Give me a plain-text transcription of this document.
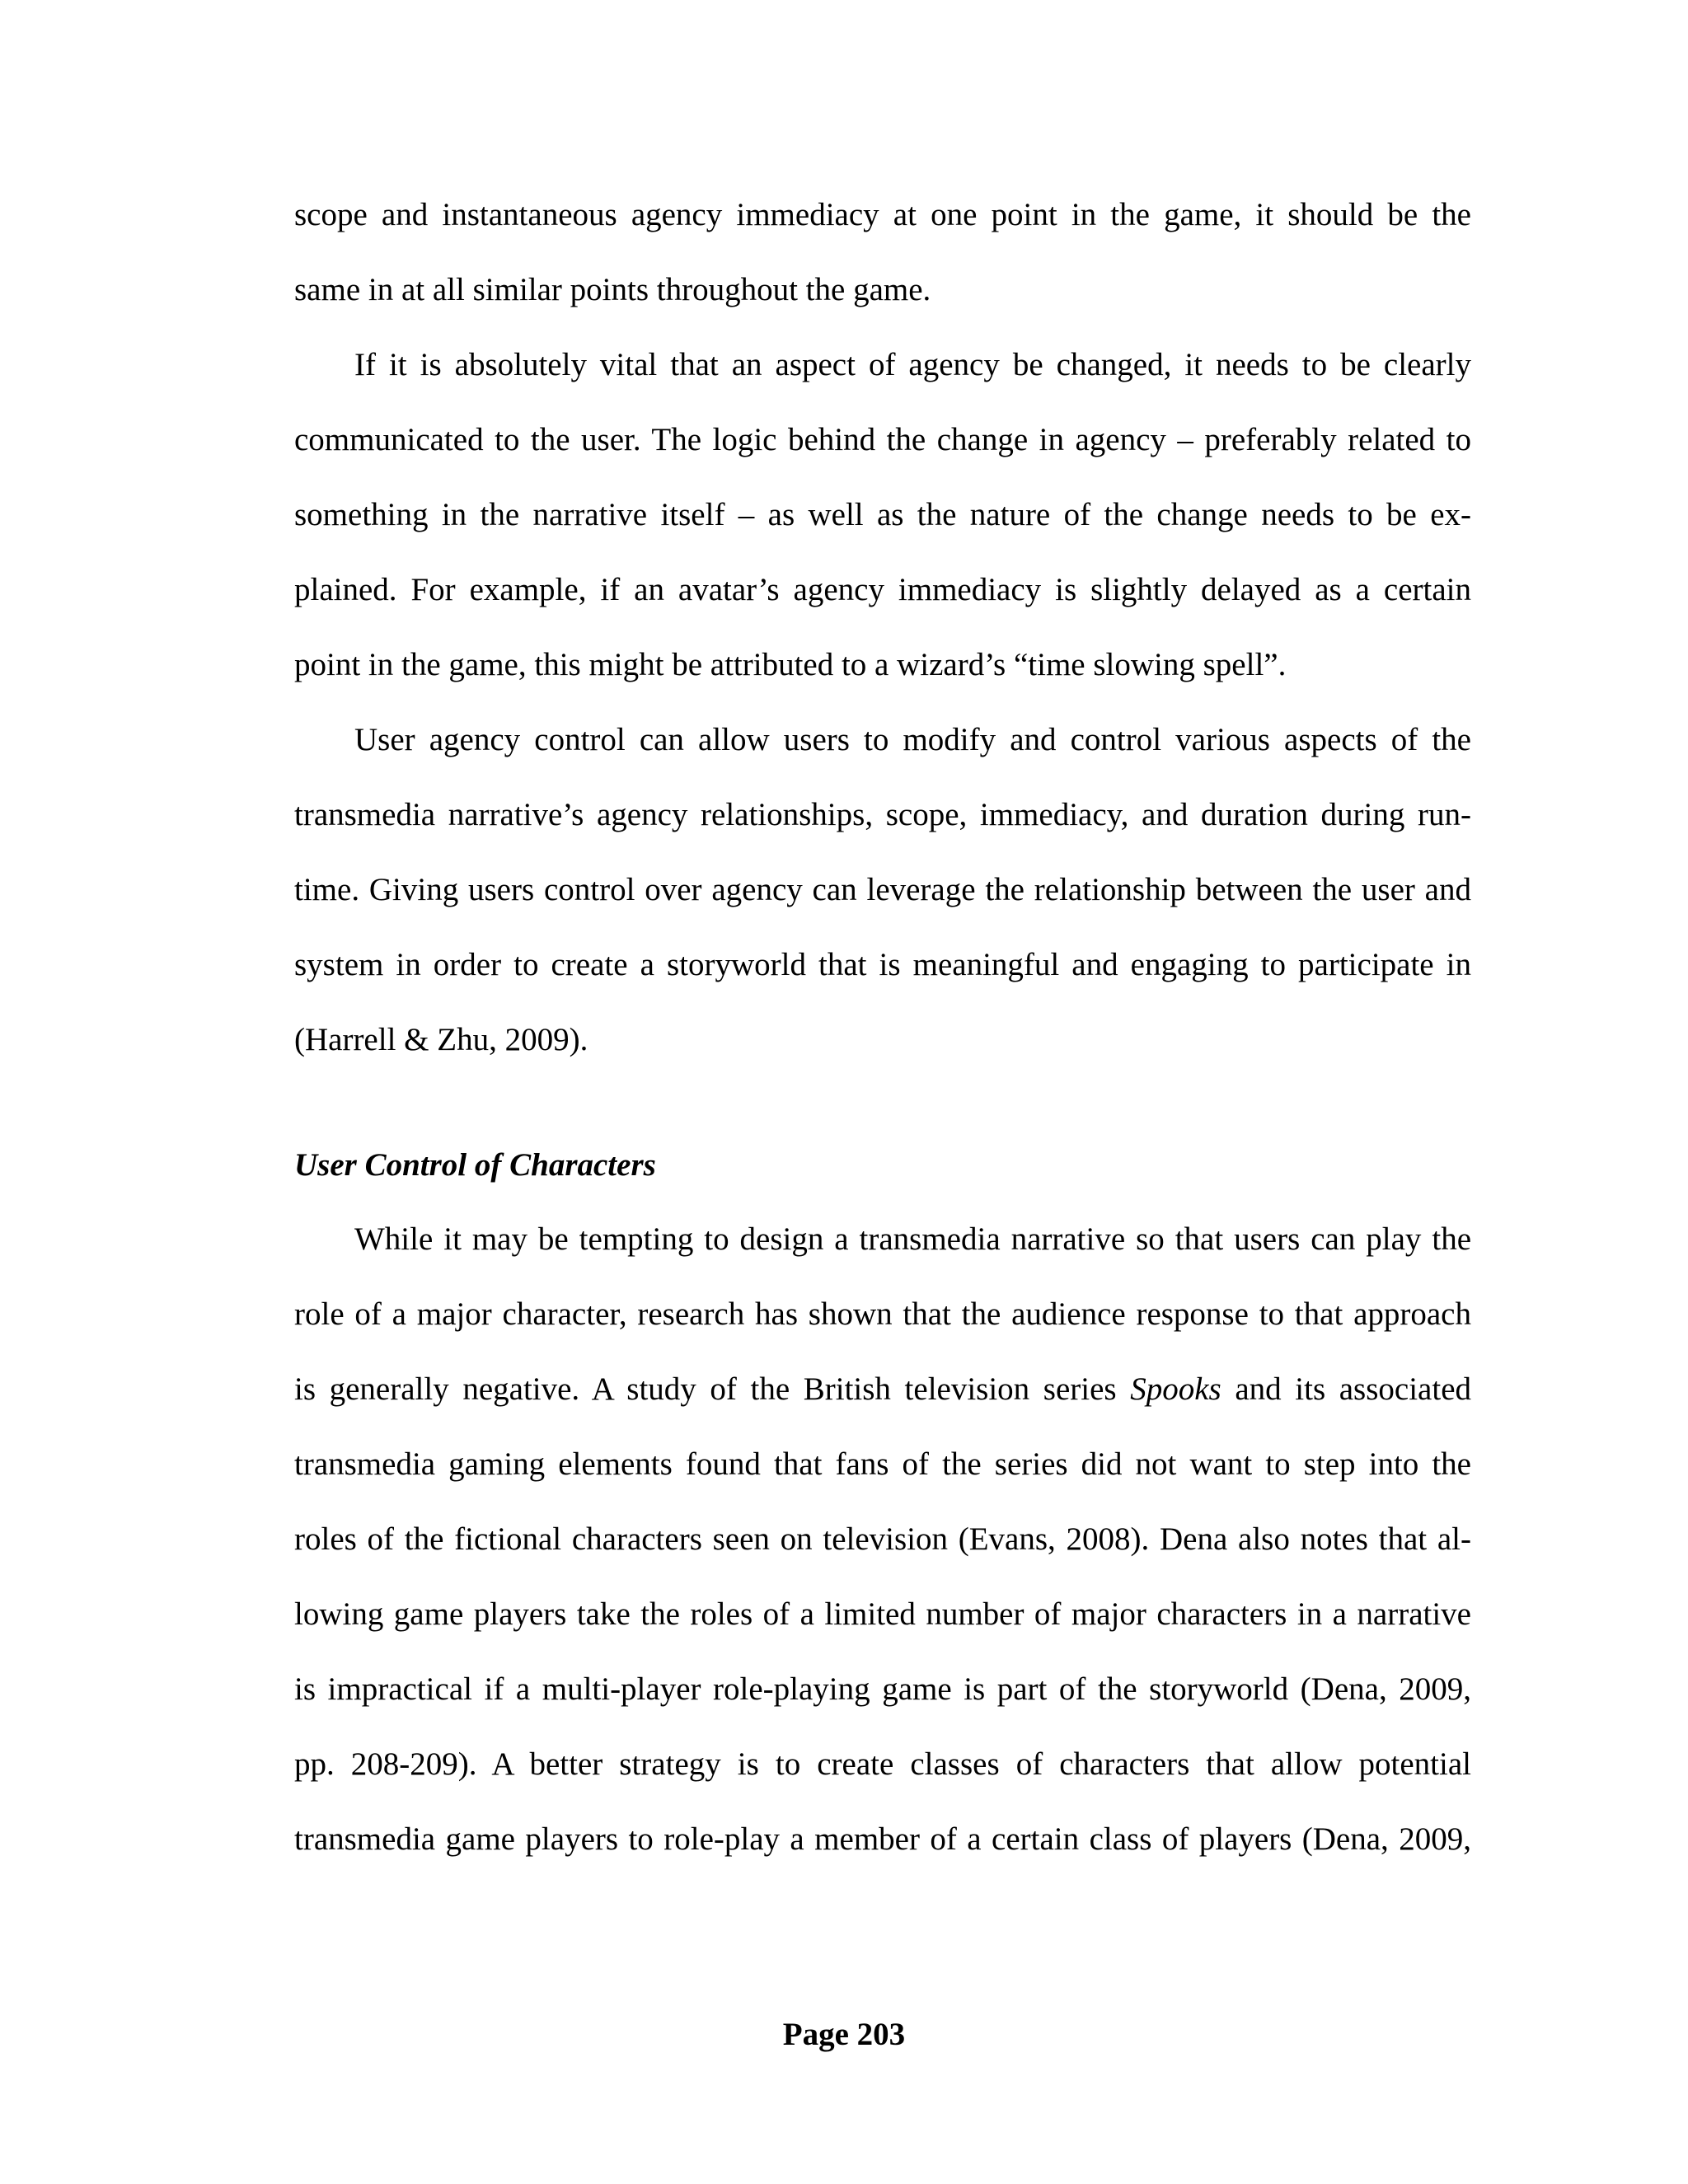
scope and instantaneous agency immediacy at one point in the game, it should be the
same in at all similar points throughout the game.
If it is absolutely vital that an aspect of agency be changed, it needs to be clearly
communicated to the user. The logic behind the change in agency – preferably related to
something in the narrative itself – as well as the nature of the change needs to be ex-
plained. For example, if an avatar’s agency immediacy is slightly delayed as a certain
point in the game, this might be attributed to a wizard’s “time slowing spell”.
User agency control can allow users to modify and control various aspects of the
transmedia narrative’s agency relationships, scope, immediacy, and duration during run-
time. Giving users control over agency can leverage the relationship between the user and
system in order to create a storyworld that is meaningful and engaging to participate in
(Harrell & Zhu, 2009).
User Control of Characters
While it may be tempting to design a transmedia narrative so that users can play the
role of a major character, research has shown that the audience response to that approach
is generally negative. A study of the British television series Spooks and its associated
transmedia gaming elements found that fans of the series did not want to step into the
roles of the fictional characters seen on television (Evans, 2008). Dena also notes that al-
lowing game players take the roles of a limited number of major characters in a narrative
is impractical if a multi-player role-playing game is part of the storyworld (Dena, 2009,
pp. 208-209). A better strategy is to create classes of characters that allow potential
transmedia game players to role-play a member of a certain class of players (Dena, 2009,
Page 203
